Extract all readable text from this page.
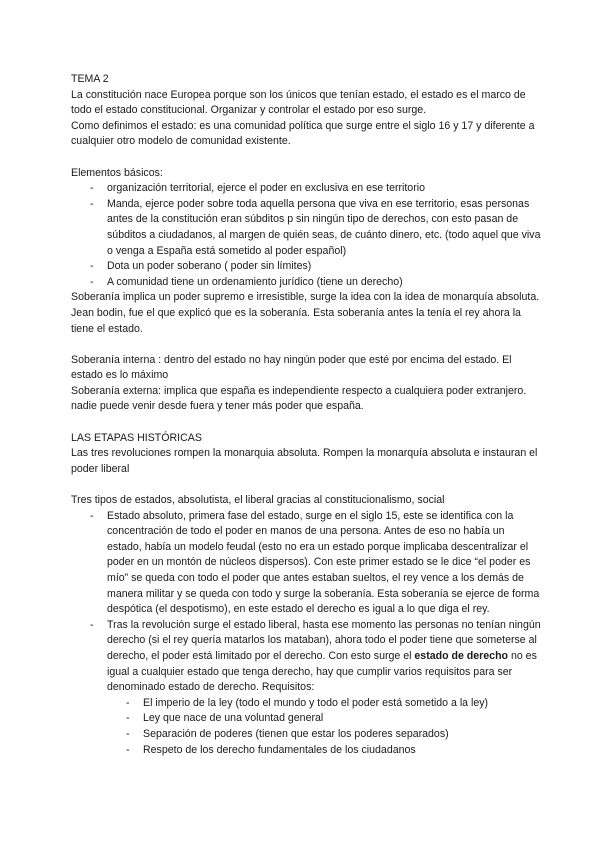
TEMA 2

La constitución nace Europea porque son los únicos que tenían estado, el estado es el marco de todo el estado constitucional. Organizar y controlar el estado por eso surge.

Como definimos el estado: es una comunidad política que surge entre el siglo 16 y 17 y diferente a cualquier otro modelo de comunidad existente.

Elementos básicos:

- organización territorial, ejerce el poder en exclusiva en ese territorio
- Manda, ejerce poder sobre toda aquella persona que viva en ese territorio, esas personas antes de la constitución eran súbditos p sin ningún tipo de derechos, con esto pasan de súbditos a ciudadanos, al margen de quién seas, de cuánto dinero, etc. (todo aquel que viva o venga a España está sometido al poder español)
- Dota un poder soberano ( poder sin límites)
- A comunidad tiene un ordenamiento jurídico (tiene un derecho)

Soberanía implica un poder supremo e irresistible, surge la idea con la idea de monarquía absoluta.

Jean bodin, fue el que explicó que es la soberanía. Esta soberanía antes la tenía el rey ahora la tiene el estado.

Soberanía interna : dentro del estado no hay ningún poder que esté por encima del estado. El estado es lo máximo

Soberanía externa: implica que españa es independiente respecto a cualquiera poder extranjero. nadie puede venir desde fuera y tener más poder que españa.

LAS ETAPAS HISTÓRICAS

Las tres revoluciones rompen la monarquia absoluta. Rompen la monarquía absoluta e instauran el poder liberal

Tres tipos de estados, absolutista, el liberal gracias al constitucionalismo, social

- Estado absoluto, primera fase del estado, surge en el siglo 15, este se identifica con la concentración de todo el poder en manos de una persona. Antes de eso no había un estado, había un modelo feudal (esto no era un estado porque implicaba descentralizar el poder en un montón de núcleos dispersos). Con este primer estado se le dice “el poder es mío” se queda con todo el poder que antes estaban sueltos, el rey vence a los demás de manera militar y se queda con todo y surge la soberanía. Esta soberanía se ejerce de forma despótica (el despotismo), en este estado el derecho es igual a lo que diga el rey.
- Tras la revolución surge el estado liberal, hasta ese momento las personas no tenían ningún derecho (si el rey quería matarlos los mataban), ahora todo el poder tiene que someterse al derecho, el poder está limitado por el derecho. Con esto surge el estado de derecho no es igual a cualquier estado que tenga derecho, hay que cumplir varios requisitos para ser denominado estado de derecho. Requisitos:
- El imperio de la ley (todo el mundo y todo el poder está sometido a la ley)
- Ley que nace de una voluntad general
- Separación de poderes (tienen que estar los poderes separados)
- Respeto de los derecho fundamentales de los ciudadanos
